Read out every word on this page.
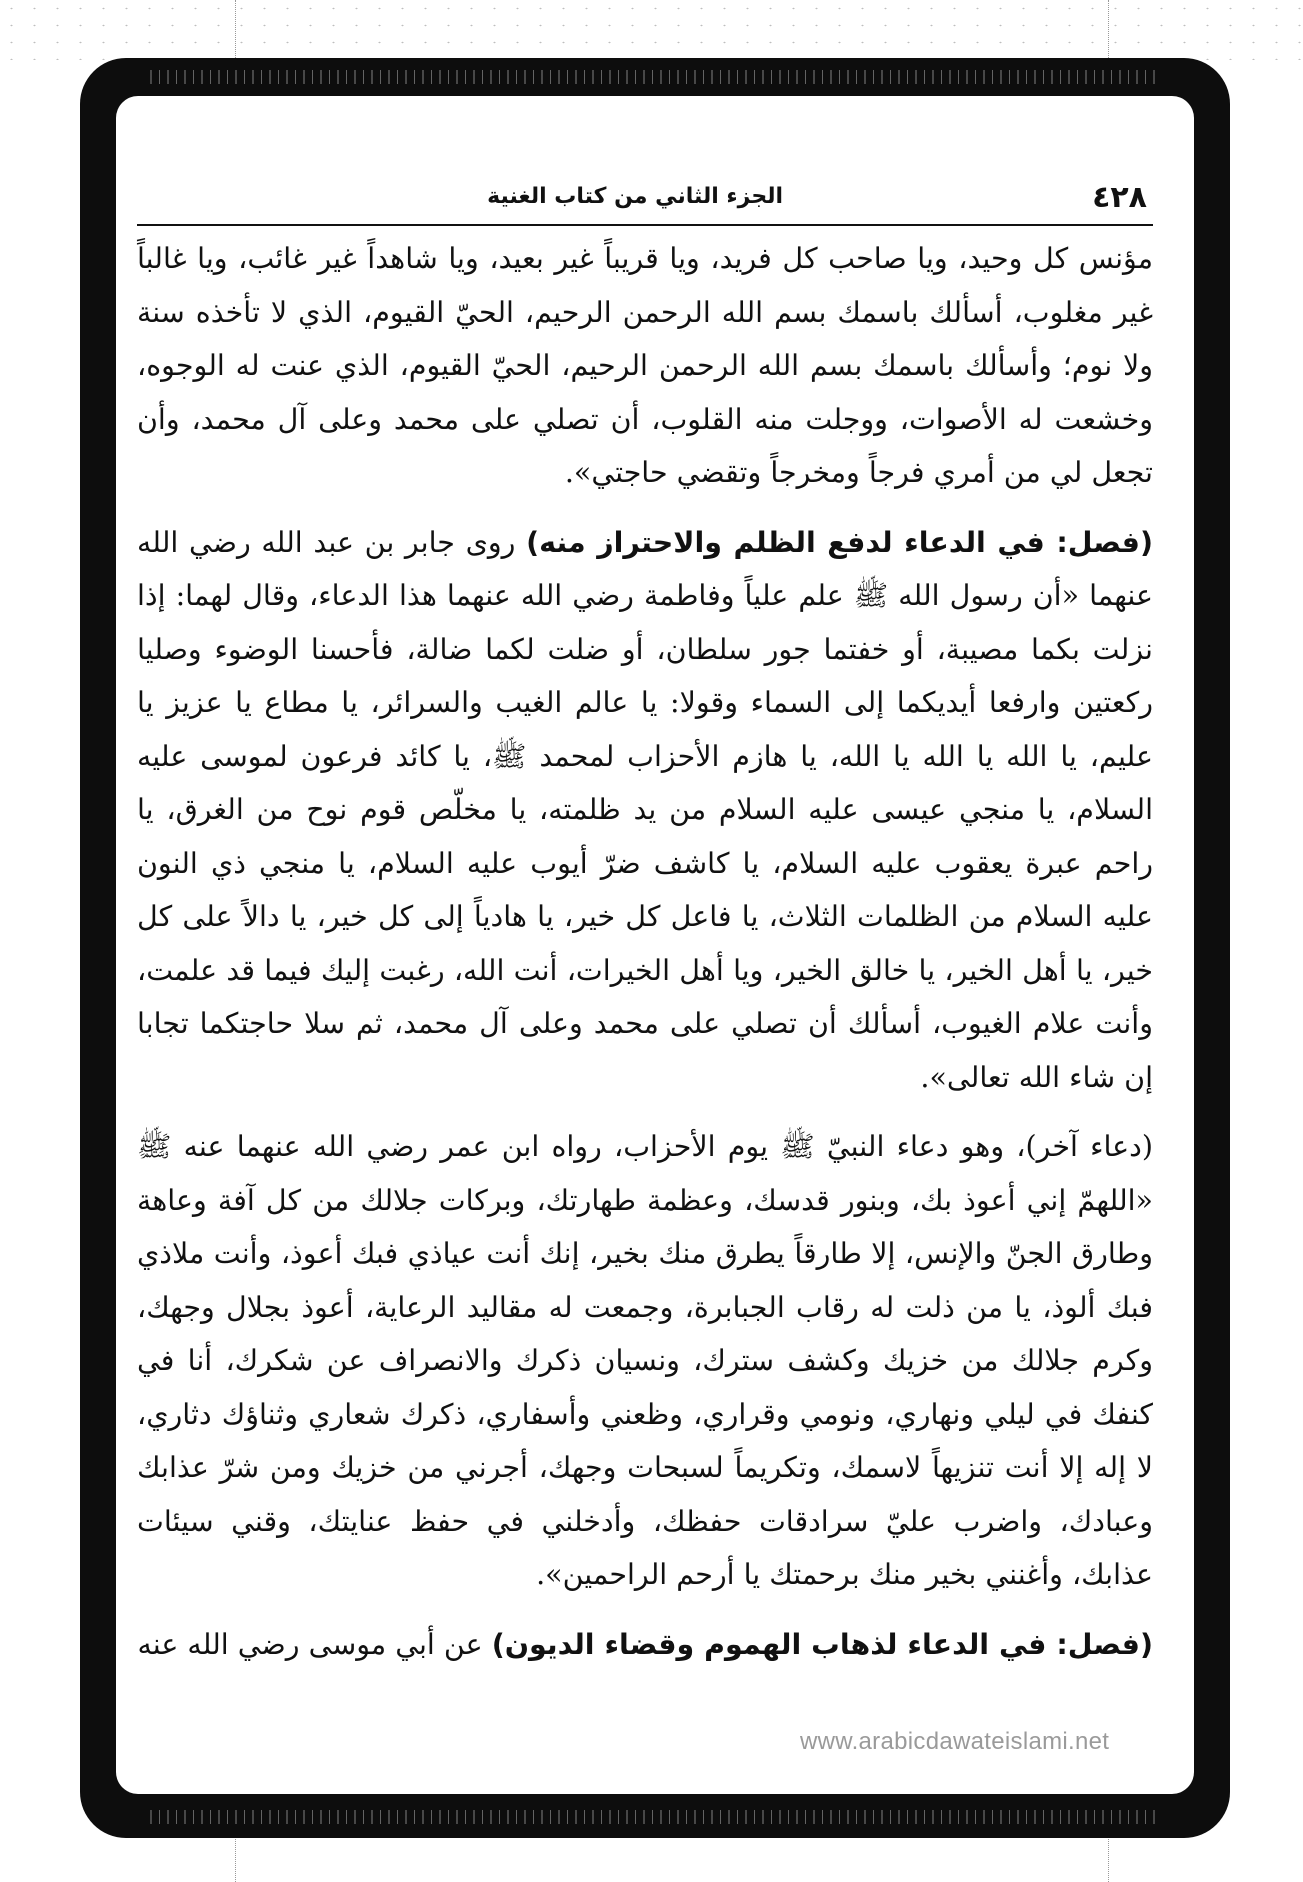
٤٢٨
الجزء الثاني من كتاب الغنية

مؤنس كل وحيد، ويا صاحب كل فريد، ويا قريباً غير بعيد، ويا شاهداً غير غائب، ويا غالباً غير مغلوب، أسألك باسمك بسم الله الرحمن الرحيم، الحيّ القيوم، الذي لا تأخذه سنة ولا نوم؛ وأسألك باسمك بسم الله الرحمن الرحيم، الحيّ القيوم، الذي عنت له الوجوه، وخشعت له الأصوات، ووجلت منه القلوب، أن تصلي على محمد وعلى آل محمد، وأن تجعل لي من أمري فرجاً ومخرجاً وتقضي حاجتي».

(فصل: في الدعاء لدفع الظلم والاحتراز منه) روى جابر بن عبد الله رضي الله عنهما «أن رسول الله ﷺ علم علياً وفاطمة رضي الله عنهما هذا الدعاء، وقال لهما: إذا نزلت بكما مصيبة، أو خفتما جور سلطان، أو ضلت لكما ضالة، فأحسنا الوضوء وصليا ركعتين وارفعا أيديكما إلى السماء وقولا: يا عالم الغيب والسرائر، يا مطاع يا عزيز يا عليم، يا الله يا الله يا الله، يا هازم الأحزاب لمحمد ﷺ، يا كائد فرعون لموسى عليه السلام، يا منجي عيسى عليه السلام من يد ظلمته، يا مخلّص قوم نوح من الغرق، يا راحم عبرة يعقوب عليه السلام، يا كاشف ضرّ أيوب عليه السلام، يا منجي ذي النون عليه السلام من الظلمات الثلاث، يا فاعل كل خير، يا هادياً إلى كل خير، يا دالاً على كل خير، يا أهل الخير، يا خالق الخير، ويا أهل الخيرات، أنت الله، رغبت إليك فيما قد علمت، وأنت علام الغيوب، أسألك أن تصلي على محمد وعلى آل محمد، ثم سلا حاجتكما تجابا إن شاء الله تعالى».

(دعاء آخر)، وهو دعاء النبيّ ﷺ يوم الأحزاب، رواه ابن عمر رضي الله عنهما عنه ﷺ «اللهمّ إني أعوذ بك، وبنور قدسك، وعظمة طهارتك، وبركات جلالك من كل آفة وعاهة وطارق الجنّ والإنس، إلا طارقاً يطرق منك بخير، إنك أنت عياذي فبك أعوذ، وأنت ملاذي فبك ألوذ، يا من ذلت له رقاب الجبابرة، وجمعت له مقاليد الرعاية، أعوذ بجلال وجهك، وكرم جلالك من خزيك وكشف سترك، ونسيان ذكرك والانصراف عن شكرك، أنا في كنفك في ليلي ونهاري، ونومي وقراري، وظعني وأسفاري، ذكرك شعاري وثناؤك دثاري، لا إله إلا أنت تنزيهاً لاسمك، وتكريماً لسبحات وجهك، أجرني من خزيك ومن شرّ عذابك وعبادك، واضرب عليّ سرادقات حفظك، وأدخلني في حفظ عنايتك، وقني سيئات عذابك، وأغنني بخير منك برحمتك يا أرحم الراحمين».

(فصل: في الدعاء لذهاب الهموم وقضاء الديون) عن أبي موسى رضي الله عنه

www.arabicdawateislami.net
